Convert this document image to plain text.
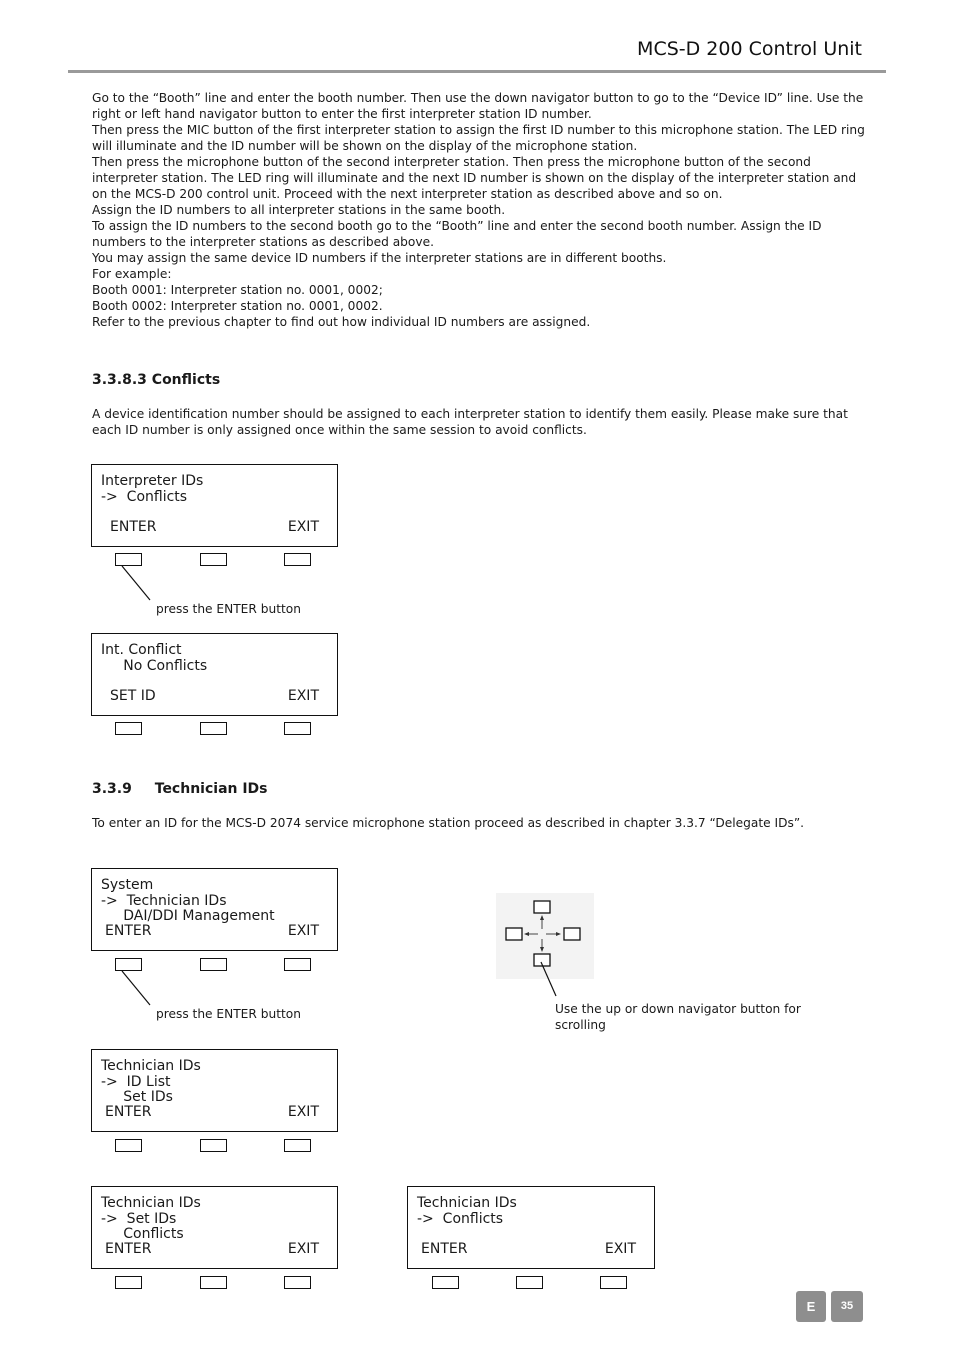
MCS-D 200 Control Unit

Go to the “Booth” line and enter the booth number. Then use the down navigator button to go to the “Device ID” line. Use the right or left hand navigator button to enter the first interpreter station ID number.

Then press the MIC button of the first interpreter station to assign the first ID number to this microphone station. The LED ring will illuminate and the ID number will be shown on the display of the microphone station.

Then press the microphone button of the second interpreter station. Then press the microphone button of the second interpreter station. The LED ring will illuminate and the next ID number is shown on the display of the interpreter station and on the MCS-D 200 control unit. Proceed with the next interpreter station as described above and so on.

Assign the ID numbers to all interpreter stations in the same booth.

To assign the ID numbers to the second booth go to the “Booth” line and enter the second booth number. Assign the ID numbers to the interpreter stations as described above.

You may assign the same device ID numbers if the interpreter stations are in different booths.

For example:

Booth 0001: Interpreter station no. 0001, 0002;

Booth 0002: Interpreter station no. 0001, 0002.

Refer to the previous chapter to find out how individual ID numbers are assigned.

3.3.8.3 Conflicts
A device identification number should be assigned to each interpreter station to identify them easily. Please make sure that each ID number is only assigned once within the same session to avoid conflicts.
Interpreter IDs
->  Conflicts
ENTER	EXIT
press the ENTER button
Int. Conflict
No Conflicts
SET ID	EXIT
3.3.9 Technician IDs
To enter an ID for the MCS-D 2074 service microphone station proceed as described in chapter 3.3.7 “Delegate IDs”.
System
->  Technician IDs
DAI/DDI Management
ENTER	EXIT
press the ENTER button	Use the up or down navigator button for scrolling
Technician IDs
->  ID List
Set IDs
ENTER	EXIT
Technician IDs
->  Set IDs
Conflicts
ENTER	EXIT
Technician IDs
->  Conflicts
ENTER	EXIT
E	35
